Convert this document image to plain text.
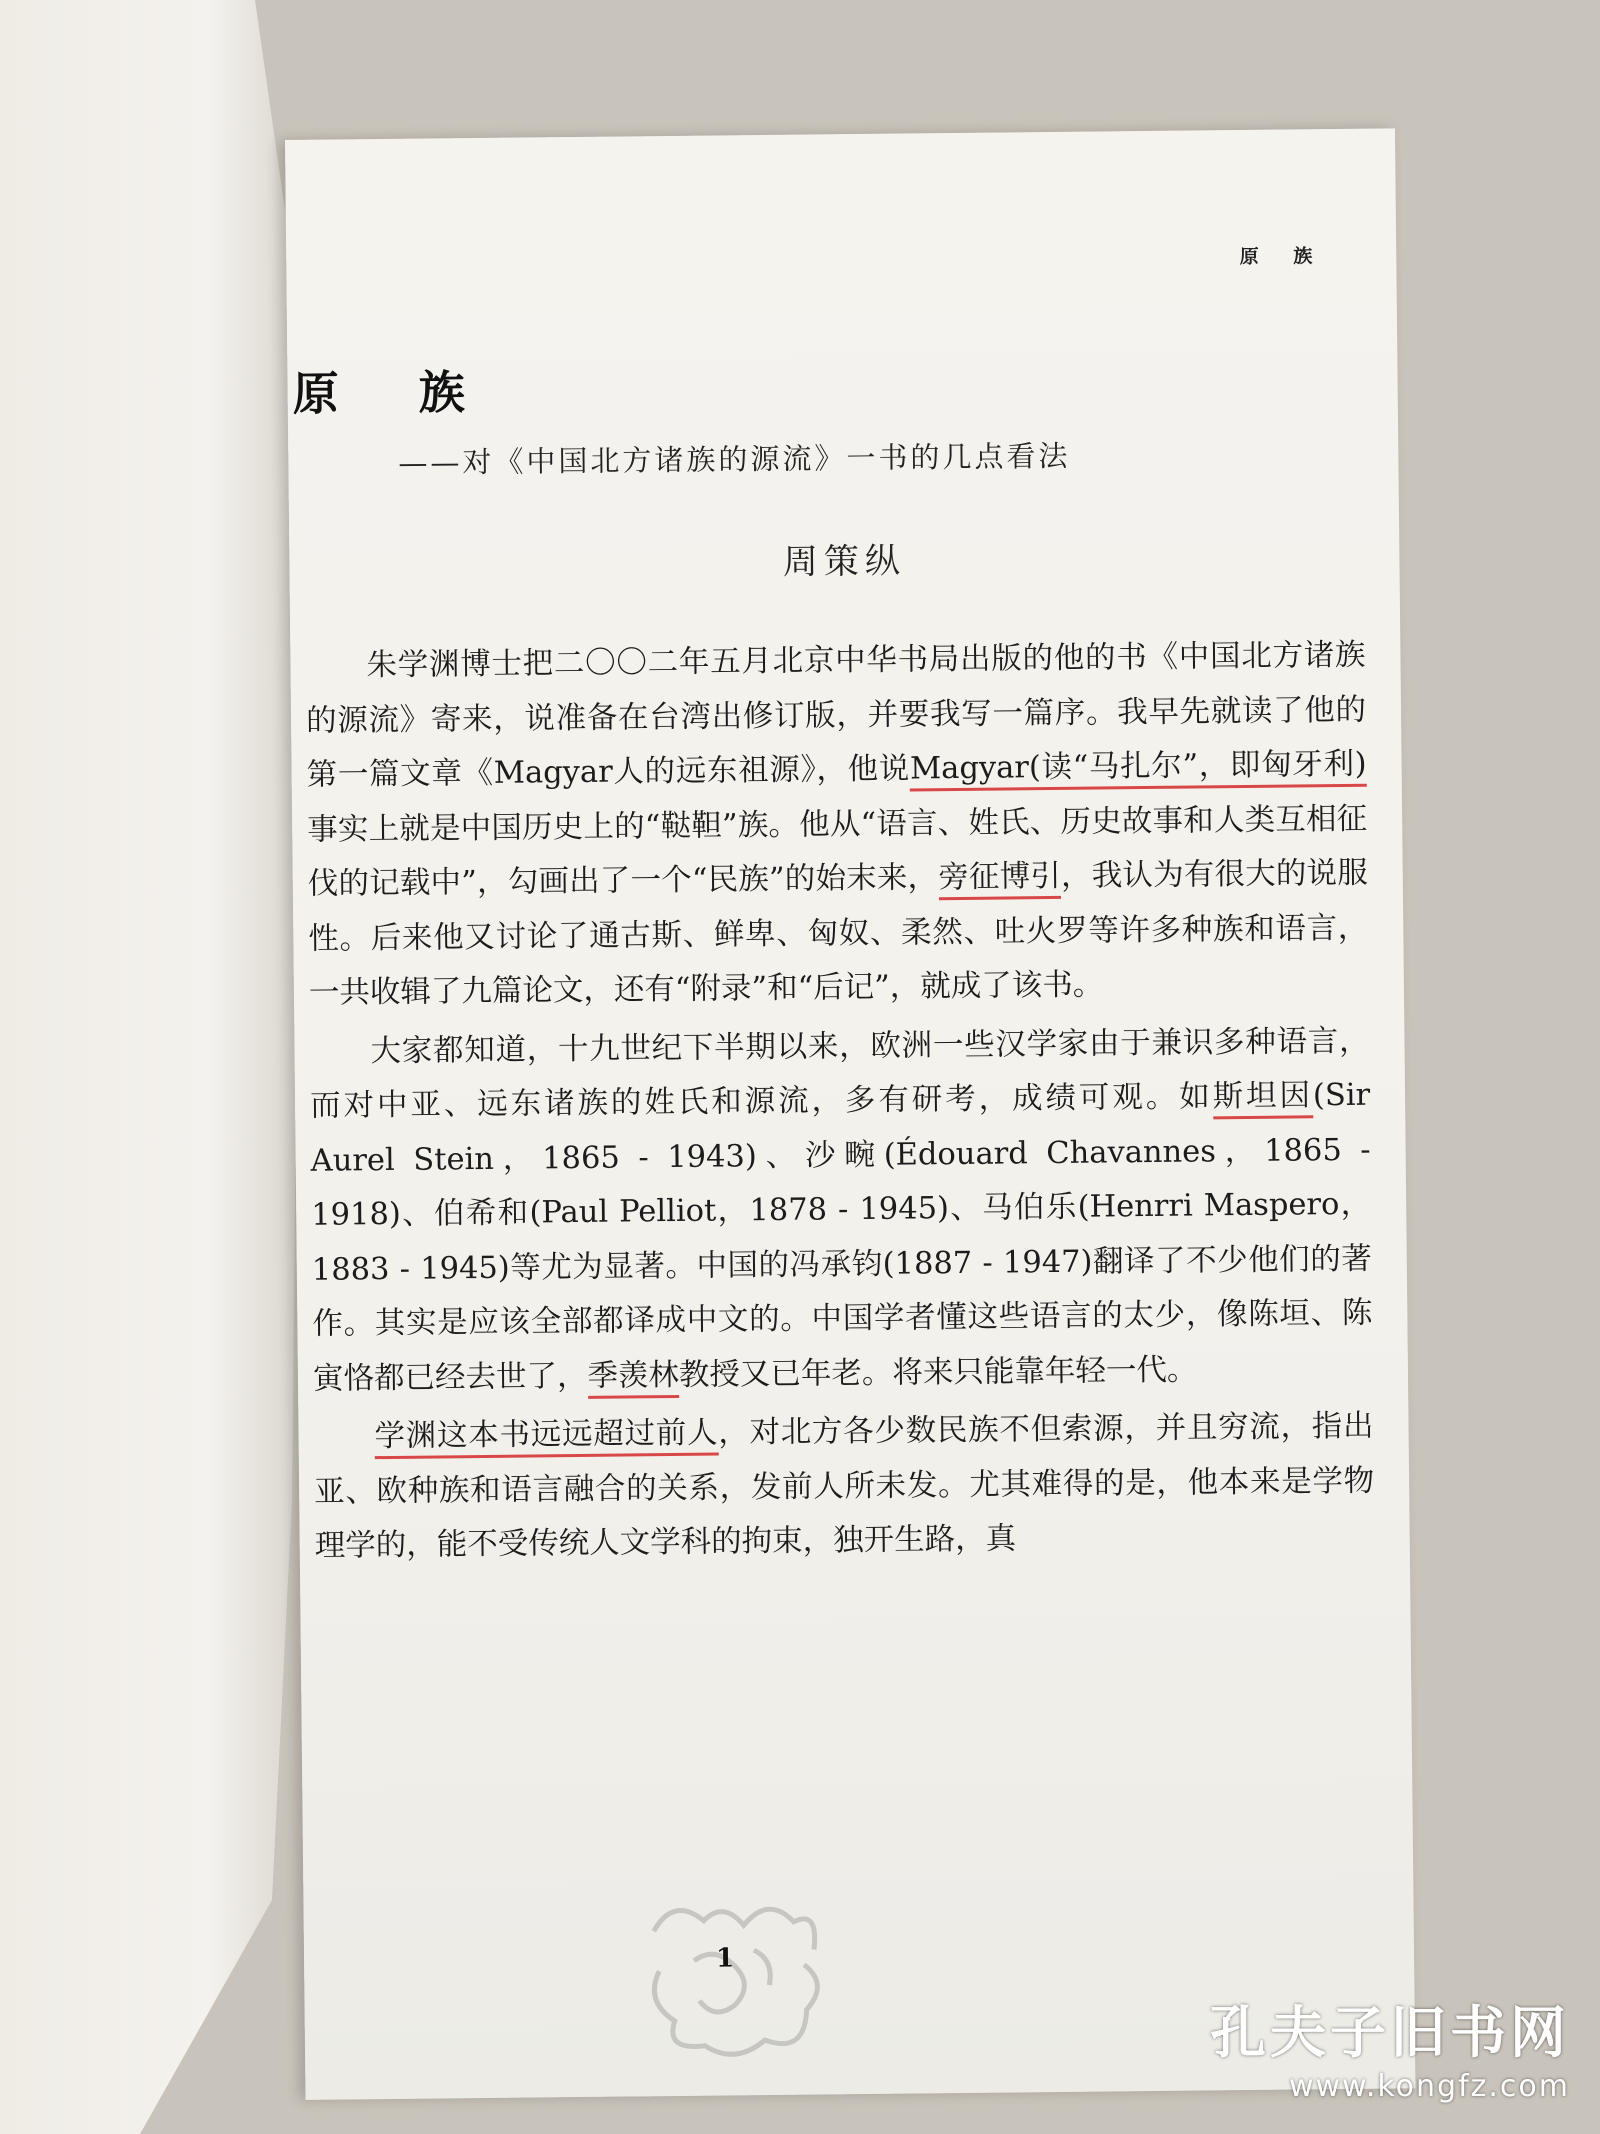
原 族
原 族
——对《中国北方诸族的源流》一书的几点看法
周策纵

朱学渊博士把二〇〇二年五月北京中华书局出版的他的书《中国北方诸族的源流》寄来，说准备在台湾出修订版，并要我写一篇序。我早先就读了他的第一篇文章《Magyar人的远东祖源》，他说Magyar(读“马扎尔”，即匈牙利)事实上就是中国历史上的“鞑靼”族。他从“语言、姓氏、历史故事和人类互相征伐的记载中”，勾画出了一个“民族”的始末来，旁征博引，我认为有很大的说服性。后来他又讨论了通古斯、鲜卑、匈奴、柔然、吐火罗等许多种族和语言，一共收辑了九篇论文，还有“附录”和“后记”，就成了该书。

大家都知道，十九世纪下半期以来，欧洲一些汉学家由于兼识多种语言，而对中亚、远东诸族的姓氏和源流，多有研考，成绩可观。如斯坦因(Sir Aurel Stein，1865 - 1943)、沙畹(Édouard Chavannes，1865 - 1918)、伯希和(Paul Pelliot，1878 - 1945)、马伯乐(Henrri Maspero，1883 - 1945)等尤为显著。中国的冯承钧(1887 - 1947)翻译了不少他们的著作。其实是应该全部都译成中文的。中国学者懂这些语言的太少，像陈垣、陈寅恪都已经去世了，季羡林教授又已年老。将来只能靠年轻一代。

学渊这本书远远超过前人，对北方各少数民族不但索源，并且穷流，指出亚、欧种族和语言融合的关系，发前人所未发。尤其难得的是，他本来是学物理学的，能不受传统人文学科的拘束，独开生路，真

1
孔夫子旧书网
www.kongfz.com
